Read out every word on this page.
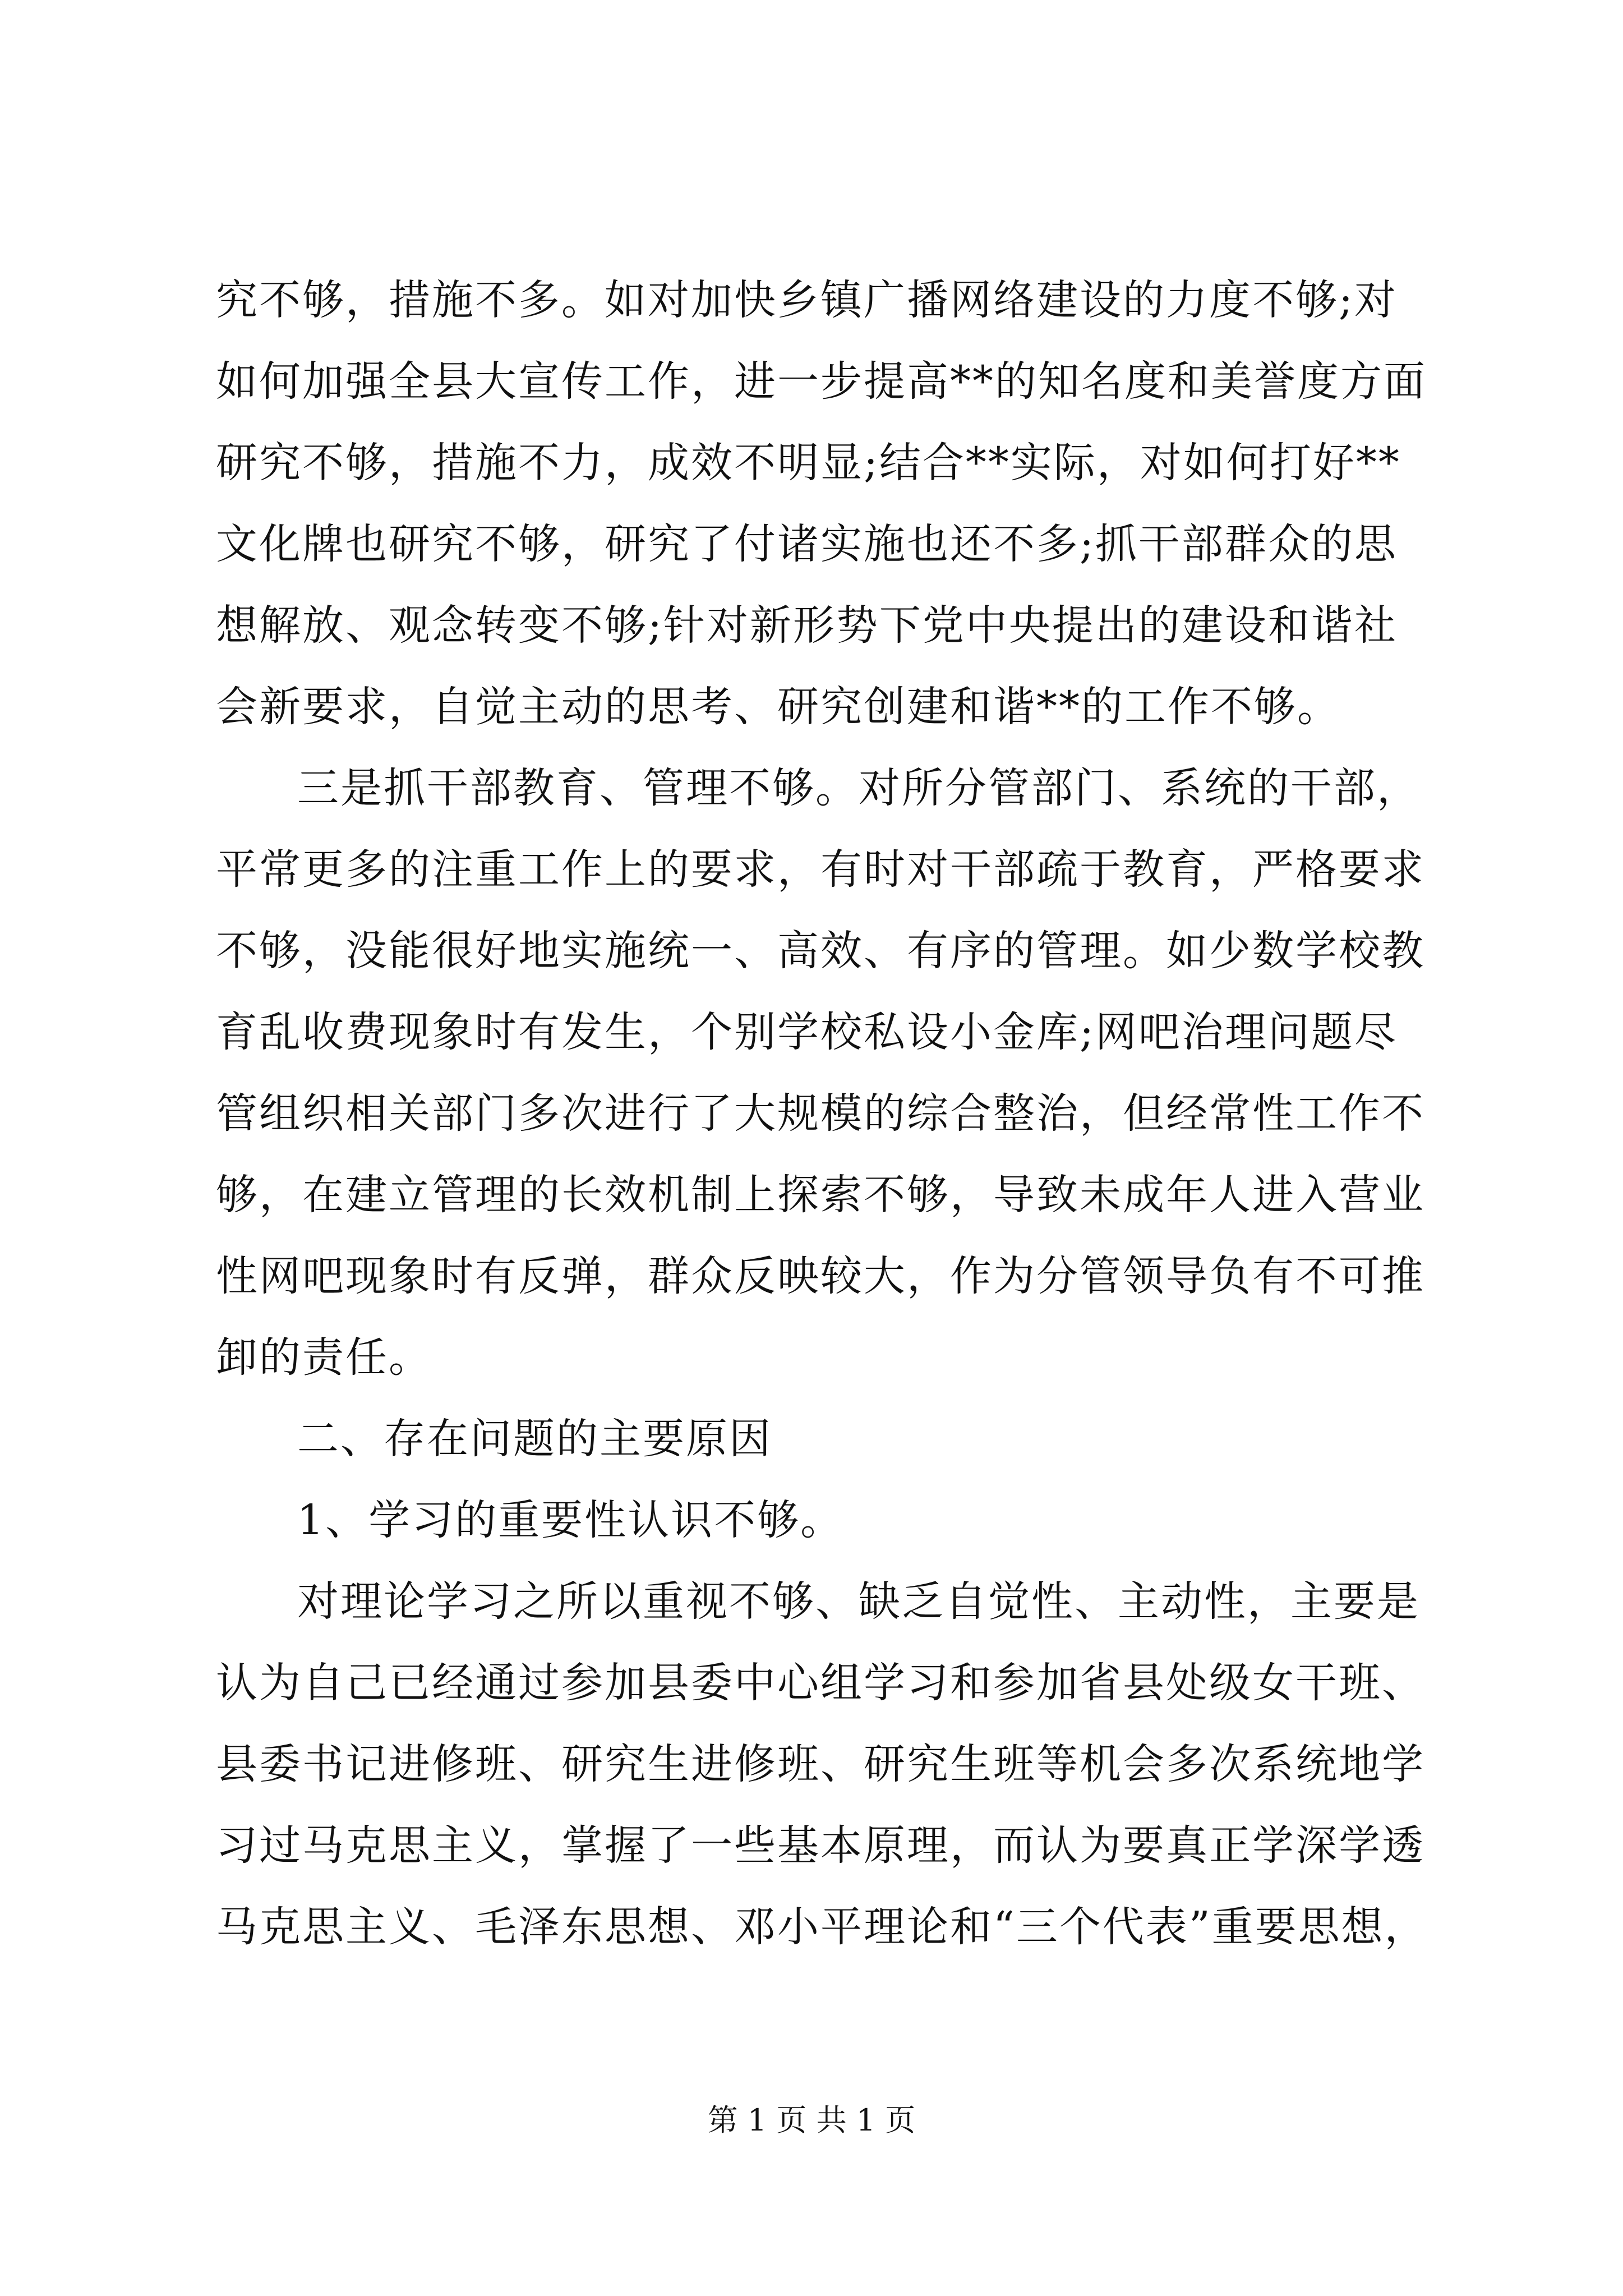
究不够，措施不多。如对加快乡镇广播网络建设的力度不够;对
如何加强全县大宣传工作，进一步提高**的知名度和美誉度方面
研究不够，措施不力，成效不明显;结合**实际，对如何打好**
文化牌也研究不够，研究了付诸实施也还不多;抓干部群众的思
想解放、观念转变不够;针对新形势下党中央提出的建设和谐社
会新要求，自觉主动的思考、研究创建和谐**的工作不够。
三是抓干部教育、管理不够。对所分管部门、系统的干部，
平常更多的注重工作上的要求，有时对干部疏于教育，严格要求
不够，没能很好地实施统一、高效、有序的管理。如少数学校教
育乱收费现象时有发生，个别学校私设小金库;网吧治理问题尽
管组织相关部门多次进行了大规模的综合整治，但经常性工作不
够，在建立管理的长效机制上探索不够，导致未成年人进入营业
性网吧现象时有反弹，群众反映较大，作为分管领导负有不可推
卸的责任。
二、存在问题的主要原因
1、学习的重要性认识不够。
对理论学习之所以重视不够、缺乏自觉性、主动性，主要是
认为自己已经通过参加县委中心组学习和参加省县处级女干班、
县委书记进修班、研究生进修班、研究生班等机会多次系统地学
习过马克思主义，掌握了一些基本原理，而认为要真正学深学透
马克思主义、毛泽东思想、邓小平理论和“三个代表”重要思想，
第 1 页 共 1 页
